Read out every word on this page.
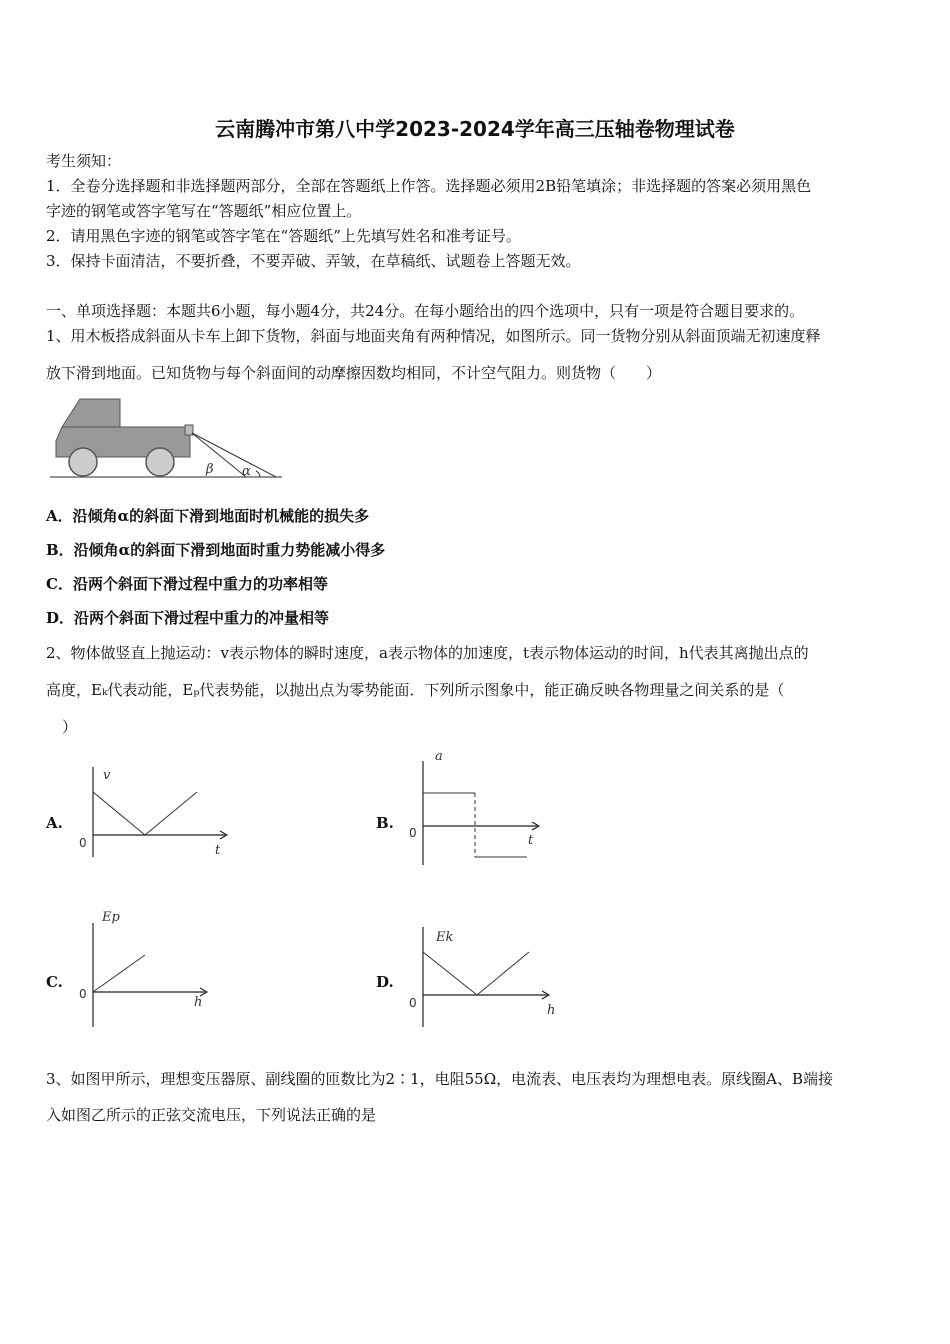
云南腾冲市第八中学2023-2024学年高三压轴卷物理试卷
考生须知：
1．全卷分选择题和非选择题两部分，全部在答题纸上作答。选择题必须用2B铅笔填涂；非选择题的答案必须用黑色
字迹的钢笔或答字笔写在“答题纸”相应位置上。
2．请用黑色字迹的钢笔或答字笔在“答题纸”上先填写姓名和准考证号。
3．保持卡面清洁，不要折叠，不要弄破、弄皱，在草稿纸、试题卷上答题无效。
一、单项选择题：本题共6小题，每小题4分，共24分。在每小题给出的四个选项中，只有一项是符合题目要求的。
1、用木板搭成斜面从卡车上卸下货物，斜面与地面夹角有两种情况，如图所示。同一货物分别从斜面顶端无初速度释
放下滑到地面。已知货物与每个斜面间的动摩擦因数均相同，不计空气阻力。则货物（　　）
β α
A．沿倾角α的斜面下滑到地面时机械能的损失多
B．沿倾角α的斜面下滑到地面时重力势能减小得多
C．沿两个斜面下滑过程中重力的功率相等
D．沿两个斜面下滑过程中重力的冲量相等
2、物体做竖直上抛运动：v表示物体的瞬时速度，a表示物体的加速度，t表示物体运动的时间，h代表其离抛出点的
高度，Eₖ代表动能，Eₚ代表势能，以抛出点为零势能面．下列所示图象中，能正确反映各物理量之间关系的是（
）
A.
v
t
0
B.
a
t
0
C.
Ep
h
0
D.
Ek
h
0
3、如图甲所示，理想变压器原、副线圈的匝数比为2∶1，电阻55Ω，电流表、电压表均为理想电表。原线圈A、B端接
入如图乙所示的正弦交流电压，下列说法正确的是
